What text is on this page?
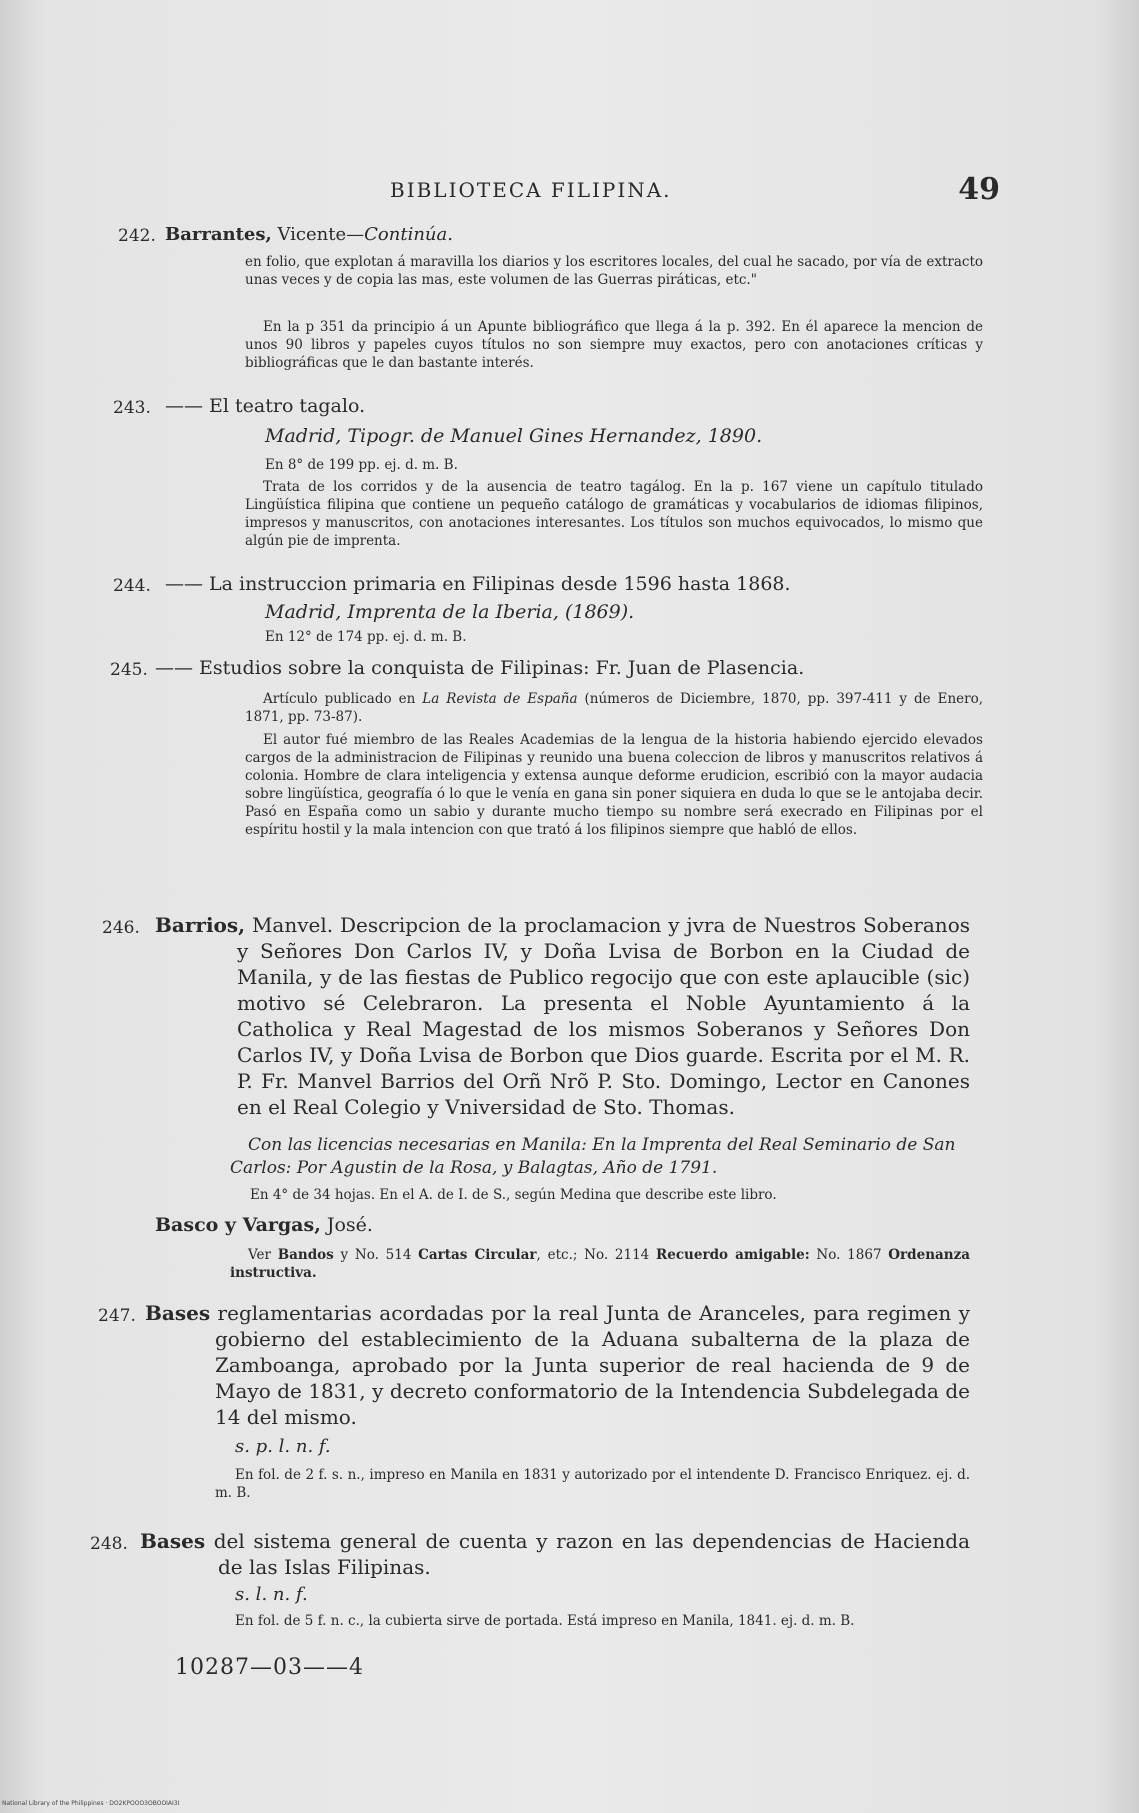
BIBLIOTECA FILIPINA.	49
242. Barrantes, Vicente—Continúa.
en folio, que explotan á maravilla los diarios y los escritores locales, del cual he sacado, por vía de extracto unas veces y de copia las mas, este volumen de las Guerras piráticas, etc."
En la p 351 da principio á un Apunte bibliográfico que llega á la p. 392. En él aparece la mencion de unos 90 libros y papeles cuyos títulos no son siempre muy exactos, pero con anotaciones críticas y bibliográficas que le dan bastante interés.
243. —— El teatro tagalo.
Madrid, Tipogr. de Manuel Gines Hernandez, 1890.
En 8° de 199 pp. ej. d. m. B.
Trata de los corridos y de la ausencia de teatro tagálog. En la p. 167 viene un capítulo titulado Lingüística filipina que contiene un pequeño catálogo de gramáticas y vocabularios de idiomas filipinos, impresos y manuscritos, con anotaciones interesantes. Los títulos son muchos equivocados, lo mismo que algún pie de imprenta.
244. —— La instruccion primaria en Filipinas desde 1596 hasta 1868.
Madrid, Imprenta de la Iberia, (1869).
En 12° de 174 pp. ej. d. m. B.
245. —— Estudios sobre la conquista de Filipinas: Fr. Juan de Plasencia.
Artículo publicado en La Revista de España (números de Diciembre, 1870, pp. 397-411 y de Enero, 1871, pp. 73-87).
El autor fué miembro de las Reales Academias de la lengua de la historia habiendo ejercido elevados cargos de la administracion de Filipinas y reunido una buena coleccion de libros y manuscritos relativos á colonia. Hombre de clara inteligencia y extensa aunque deforme erudicion, escribió con la mayor audacia sobre lingüística, geografía ó lo que le venía en gana sin poner siquiera en duda lo que se le antojaba decir. Pasó en España como un sabio y durante mucho tiempo su nombre será execrado en Filipinas por el espíritu hostil y la mala intencion con que trató á los filipinos siempre que habló de ellos.
246. Barrios, Manvel. Descripcion de la proclamacion y jvra de Nuestros Soberanos y Señores Don Carlos IV, y Doña Lvisa de Borbon en la Ciudad de Manila, y de las fiestas de Publico regocijo que con este aplaucible (sic) motivo sé Celebraron. La presenta el Noble Ayuntamiento á la Catholica y Real Magestad de los mismos Soberanos y Señores Don Carlos IV, y Doña Lvisa de Borbon que Dios guarde. Escrita por el M. R. P. Fr. Manvel Barrios del Orñ Nrõ P. Sto. Domingo, Lector en Canones en el Real Colegio y Vniversidad de Sto. Thomas.
Con las licencias necesarias en Manila: En la Imprenta del Real Seminario de San Carlos: Por Agustin de la Rosa, y Balagtas, Año de 1791.
En 4° de 34 hojas. En el A. de I. de S., según Medina que describe este libro.
Basco y Vargas, José.
Ver Bandos y No. 514 Cartas Circular, etc.; No. 2114 Recuerdo amigable: No. 1867 Ordenanza instructiva.
247. Bases reglamentarias acordadas por la real Junta de Aranceles, para regimen y gobierno del establecimiento de la Aduana subalterna de la plaza de Zamboanga, aprobado por la Junta superior de real hacienda de 9 de Mayo de 1831, y decreto conformatorio de la Intendencia Subdelegada de 14 del mismo.
s. p. l. n. f.
En fol. de 2 f. s. n., impreso en Manila en 1831 y autorizado por el intendente D. Francisco Enriquez. ej. d. m. B.
248. Bases del sistema general de cuenta y razon en las dependencias de Hacienda de las Islas Filipinas.
s. l. n. f.
En fol. de 5 f. n. c., la cubierta sirve de portada. Está impreso en Manila, 1841. ej. d. m. B.
10287—03——4
National Library of the Philippines · DO2KPOOO3OBOOIAI3I
